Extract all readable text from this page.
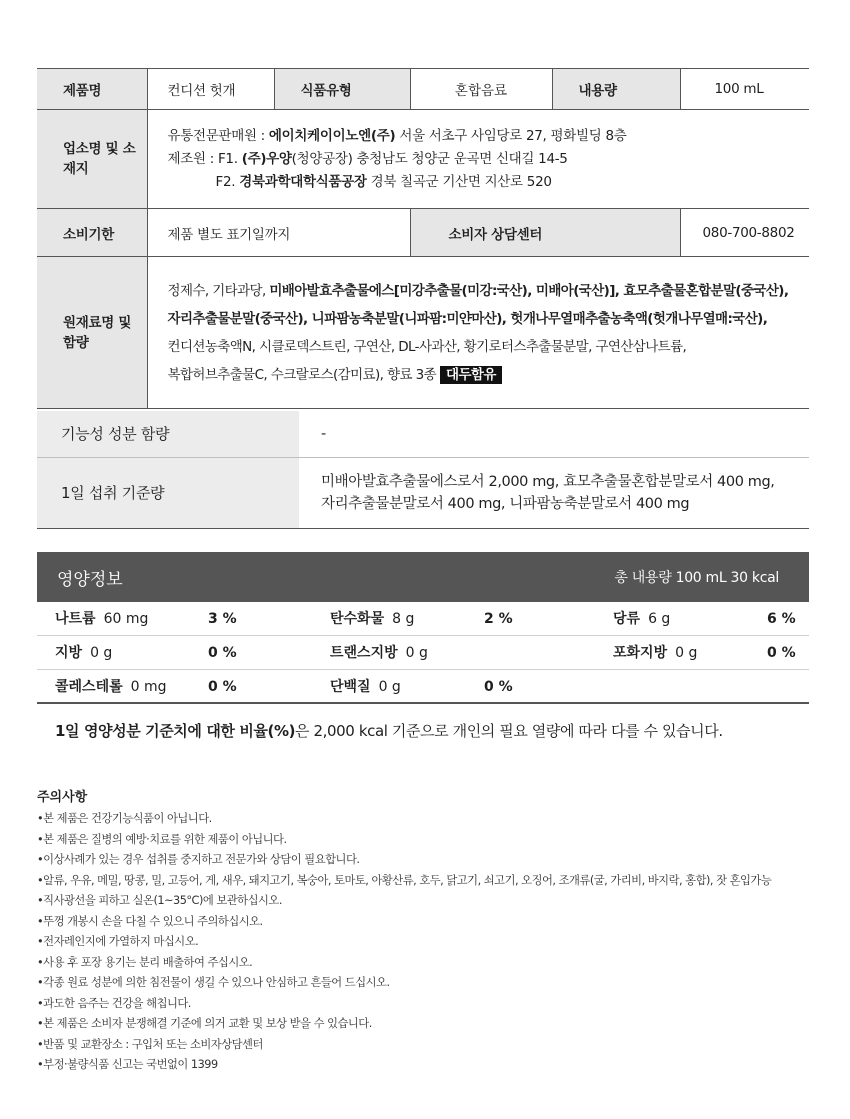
제품명	컨디션 헛개	식품유형	혼합음료	내용량	100 mL
업소명 및 소재지	유통전문판매원 : 에이치케이이노엔(주) 서울 서초구 사임당로 27, 평화빌딩 8층
제조원 : F1. (주)우양(청양공장) 충청남도 청양군 운곡면 신대길 14-5
F2. 경북과학대학식품공장 경북 칠곡군 기산면 지산로 520				

소비기한	제품 별도 표기일까지		소비자 상담센터		080-700-8802
원재료명 및 함량	정제수, 기타과당, 미배아발효추출물에스[미강추출물(미강:국산), 미배아(국산)], 효모추출물혼합분말(중국산),
자리추출물분말(중국산), 니파팜농축분말(니파팜:미얀마산), 헛개나무열매추출농축액(헛개나무열매:국산),
컨디션농축액N, 시클로덱스트린, 구연산, DL-사과산, 황기로터스추출물분말, 구연산삼나트륨,
복합허브추출물C, 수크랄로스(감미료), 향료 3종 대두함유				
기능성 성분 함량	-
1일 섭취 기준량	미배아발효추출물에스로서 2,000 mg, 효모추출물혼합분말로서 400 mg,
자리추출물분말로서 400 mg, 니파팜농축분말로서 400 mg
영양정보	총 내용량 100 mL 30 kcal
나트륨 60 mg	3 %	탄수화물 8 g	2 %	당류 6 g	6 %
지방 0 g	0 %	트랜스지방 0 g	포화지방 0 g	0 %
콜레스테롤 0 mg	0 %	단백질 0 g	0 %
1일 영양성분 기준치에 대한 비율(%)은 2,000 kcal 기준으로 개인의 필요 열량에 따라 다를 수 있습니다.
주의사항
•본 제품은 건강기능식품이 아닙니다.
•본 제품은 질병의 예방·치료를 위한 제품이 아닙니다.
•이상사례가 있는 경우 섭취를 중지하고 전문가와 상담이 필요합니다.
•알류, 우유, 메밀, 땅콩, 밀, 고등어, 게, 새우, 돼지고기, 복숭아, 토마토, 아황산류, 호두, 닭고기, 쇠고기, 오징어, 조개류(굴, 가리비, 바지락, 홍합), 잣 혼입가능
•직사광선을 피하고 실온(1~35°C)에 보관하십시오.
•뚜껑 개봉시 손을 다칠 수 있으니 주의하십시오.
•전자레인지에 가열하지 마십시오.
•사용 후 포장 용기는 분리 배출하여 주십시오.
•각종 원료 성분에 의한 침전물이 생길 수 있으나 안심하고 흔들어 드십시오.
•과도한 음주는 건강을 해칩니다.
•본 제품은 소비자 분쟁해결 기준에 의거 교환 및 보상 받을 수 있습니다.
•반품 및 교환장소 : 구입처 또는 소비자상담센터
•부정·불량식품 신고는 국번없이 1399
